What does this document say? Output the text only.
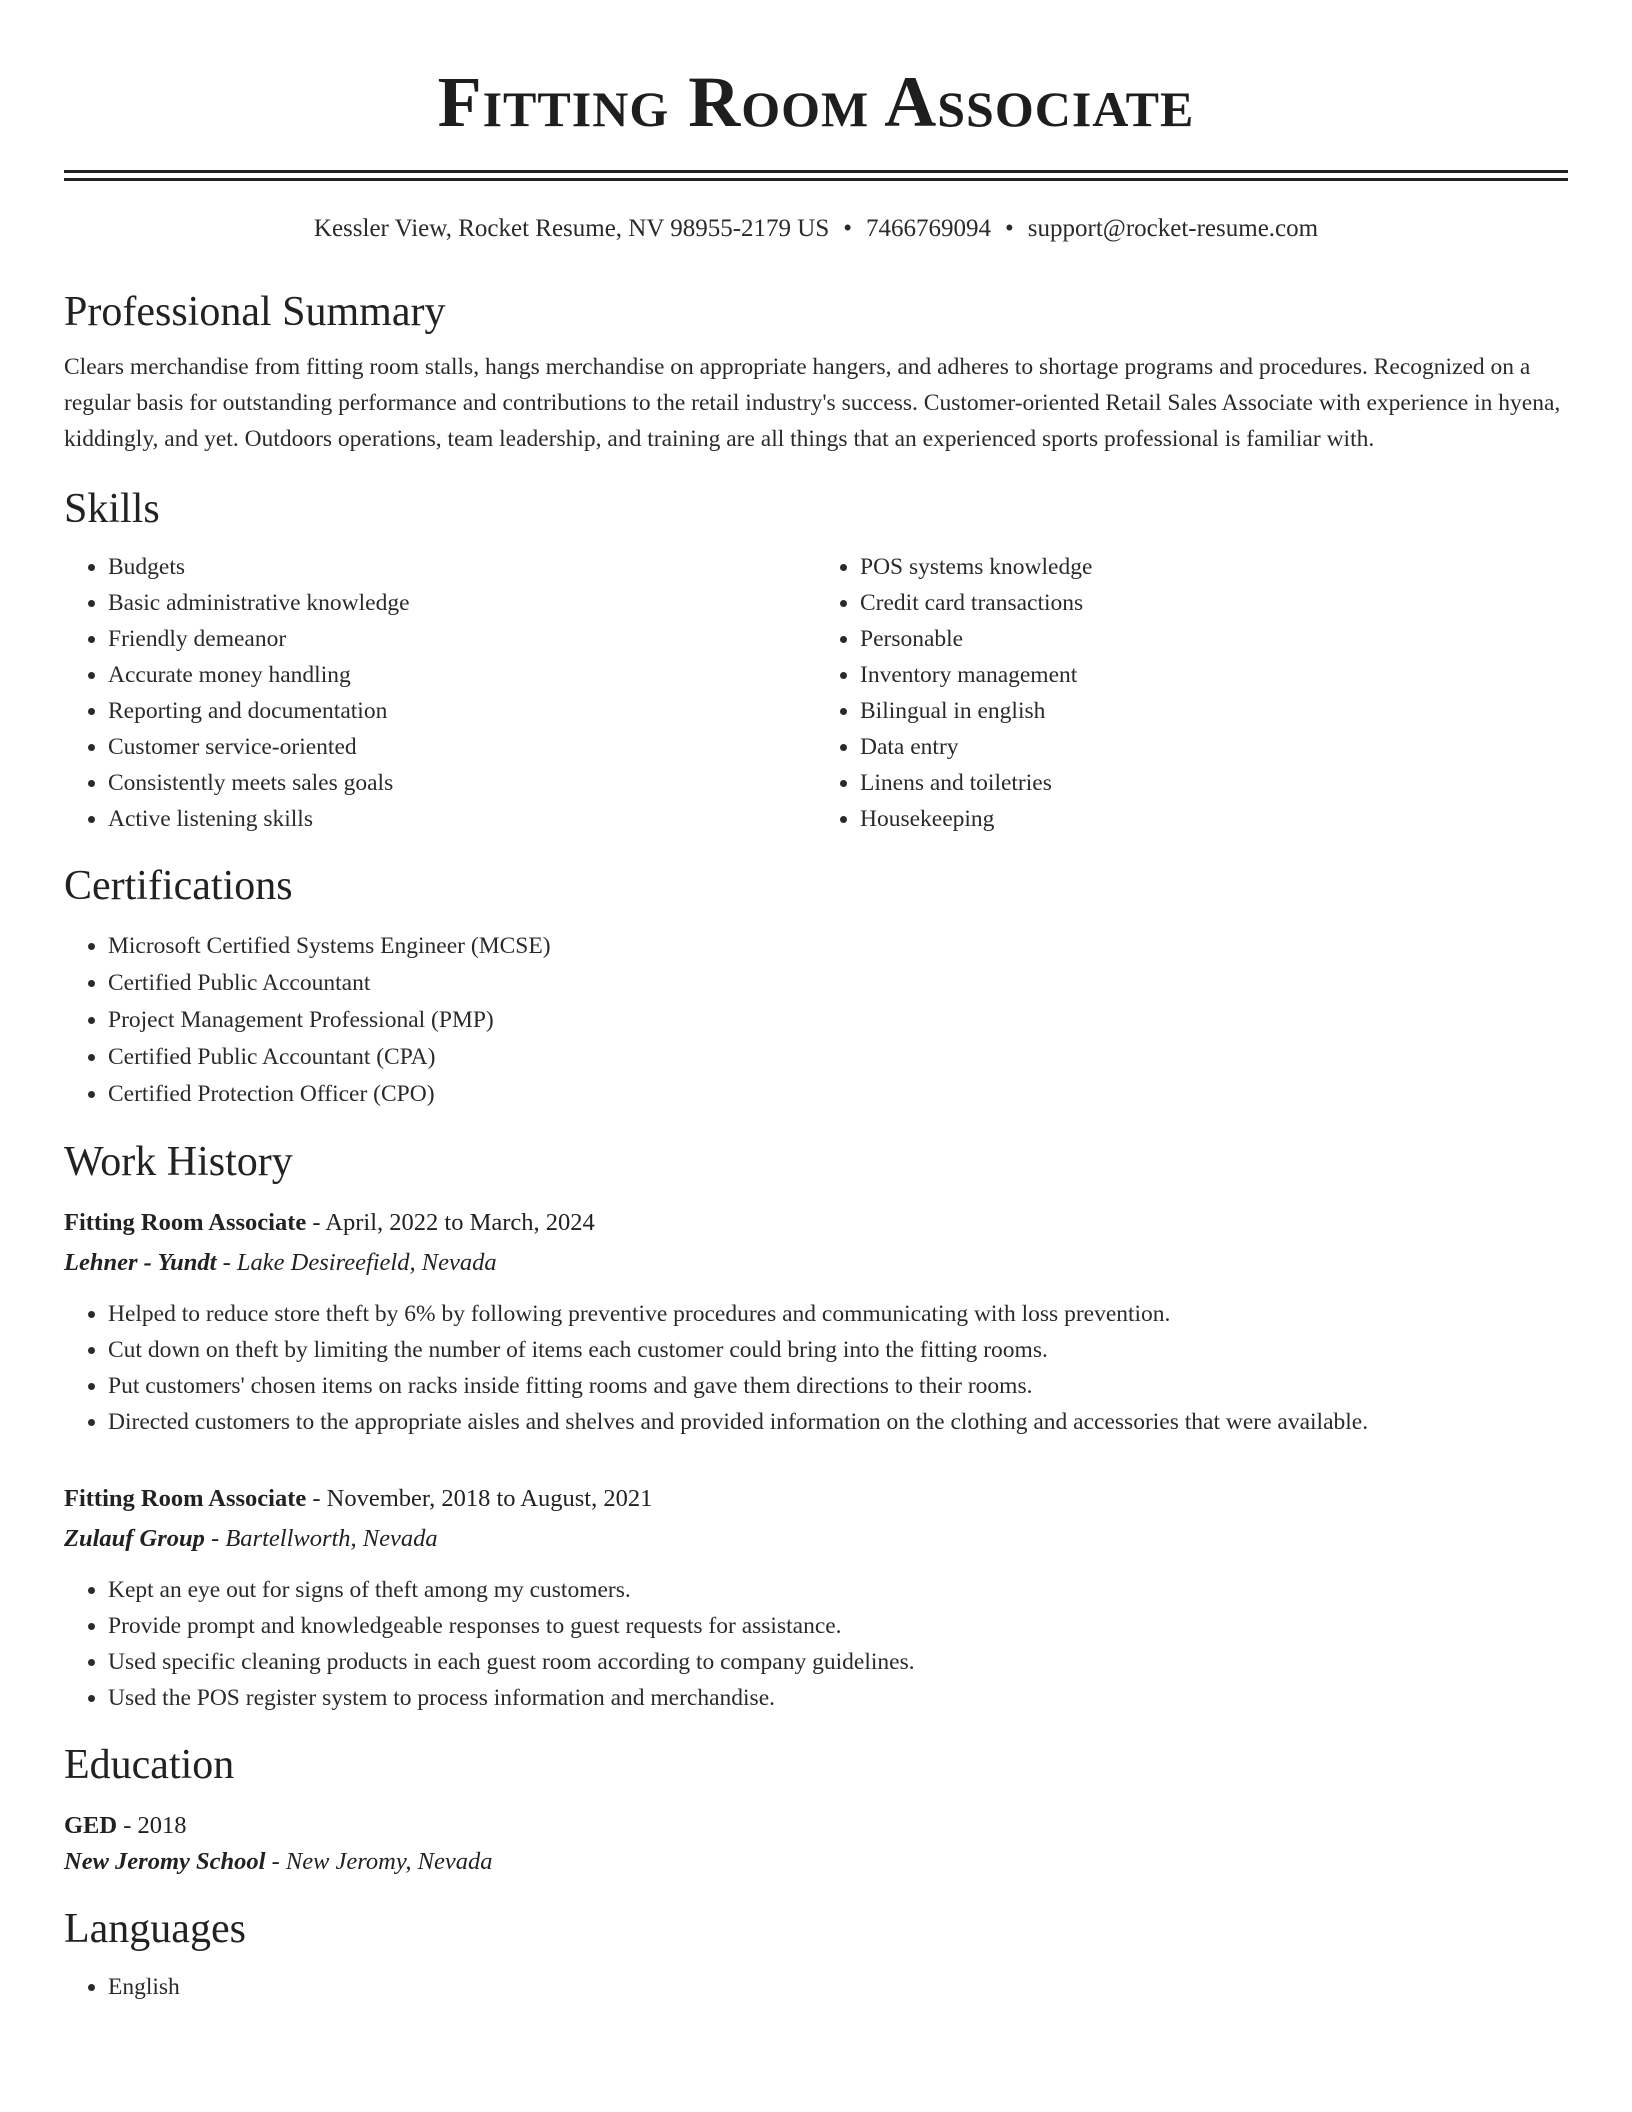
Fitting Room Associate
Kessler View, Rocket Resume, NV 98955-2179 US • 7466769094 • support@rocket-resume.com
Professional Summary
Clears merchandise from fitting room stalls, hangs merchandise on appropriate hangers, and adheres to shortage programs and procedures. Recognized on a regular basis for outstanding performance and contributions to the retail industry's success. Customer-oriented Retail Sales Associate with experience in hyena, kiddingly, and yet. Outdoors operations, team leadership, and training are all things that an experienced sports professional is familiar with.
Skills
• Budgets
• Basic administrative knowledge
• Friendly demeanor
• Accurate money handling
• Reporting and documentation
• Customer service-oriented
• Consistently meets sales goals
• Active listening skills
• POS systems knowledge
• Credit card transactions
• Personable
• Inventory management
• Bilingual in english
• Data entry
• Linens and toiletries
• Housekeeping
Certifications
• Microsoft Certified Systems Engineer (MCSE)
• Certified Public Accountant
• Project Management Professional (PMP)
• Certified Public Accountant (CPA)
• Certified Protection Officer (CPO)
Work History
Fitting Room Associate - April, 2022 to March, 2024
Lehner - Yundt - Lake Desireefield, Nevada
• Helped to reduce store theft by 6% by following preventive procedures and communicating with loss prevention.
• Cut down on theft by limiting the number of items each customer could bring into the fitting rooms.
• Put customers' chosen items on racks inside fitting rooms and gave them directions to their rooms.
• Directed customers to the appropriate aisles and shelves and provided information on the clothing and accessories that were available.
Fitting Room Associate - November, 2018 to August, 2021
Zulauf Group - Bartellworth, Nevada
• Kept an eye out for signs of theft among my customers.
• Provide prompt and knowledgeable responses to guest requests for assistance.
• Used specific cleaning products in each guest room according to company guidelines.
• Used the POS register system to process information and merchandise.
Education
GED - 2018
New Jeromy School - New Jeromy, Nevada
Languages
• English
